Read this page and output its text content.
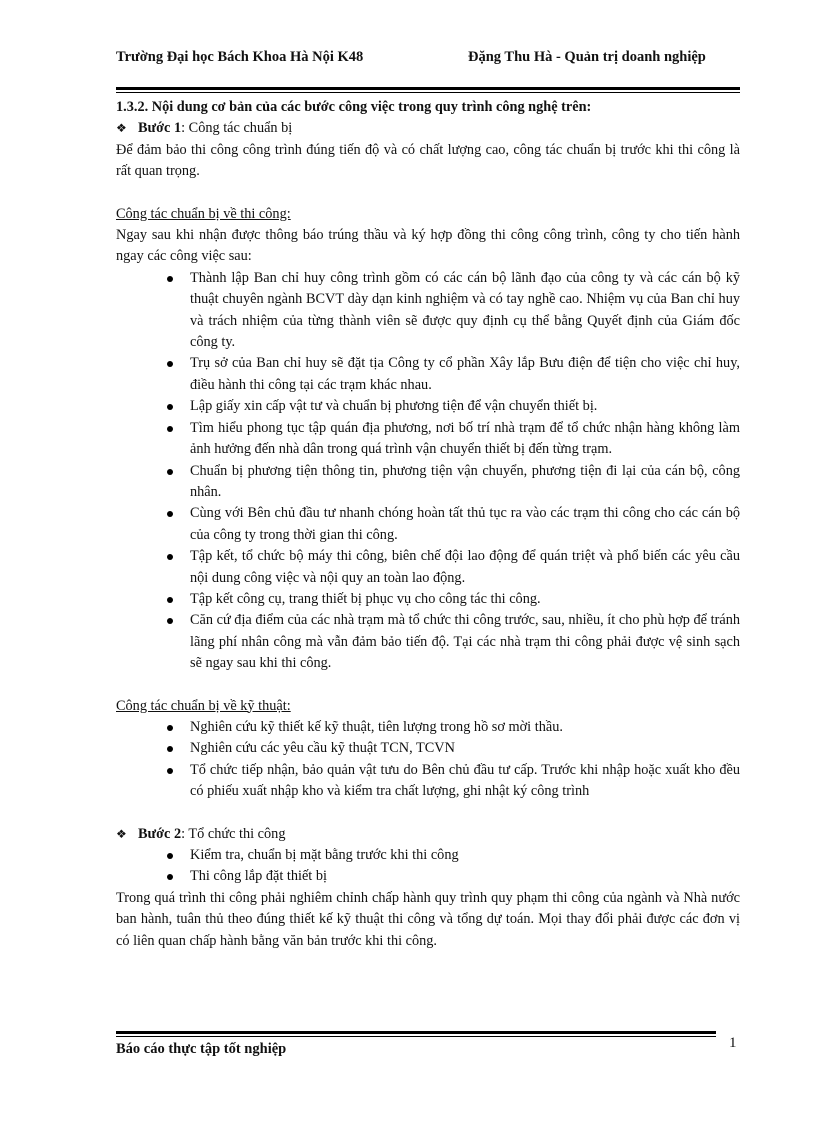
Trường Đại học Bách Khoa Hà Nội K48	Đặng Thu Hà - Quản trị doanh nghiệp

1.3.2. Nội dung cơ bản của các bước công việc trong quy trình công nghệ trên:

❖ Bước 1: Công tác chuẩn bị

Để đảm bảo thi công công trình đúng tiến độ và có chất lượng cao, công tác chuẩn bị trước khi thi công là rất quan trọng.

Công tác chuẩn bị về thi công:

Ngay sau khi nhận được thông báo trúng thầu và ký hợp đồng thi công công trình, công ty cho tiến hành ngay các công việc sau:

Thành lập Ban chỉ huy công trình gồm có các cán bộ lãnh đạo của công ty và các cán bộ kỹ thuật chuyên ngành BCVT dày dạn kinh nghiệm và có tay nghề cao. Nhiệm vụ của Ban chỉ huy và trách nhiệm của từng thành viên sẽ được quy định cụ thể bằng Quyết định của Giám đốc công ty.
Trụ sở của Ban chỉ huy sẽ đặt tịa Công ty cổ phần Xây lắp Bưu điện để tiện cho việc chỉ huy, điều hành thi công tại các trạm khác nhau.
Lập giấy xin cấp vật tư và chuẩn bị phương tiện để vận chuyển thiết bị.
Tìm hiểu phong tục tập quán địa phương, nơi bố trí nhà trạm để tổ chức nhận hàng không làm ảnh hưởng đến nhà dân trong quá trình vận chuyển thiết bị đến từng trạm.
Chuẩn bị phương tiện thông tin, phương tiện vận chuyển, phương tiện đi lại của cán bộ, công nhân.
Cùng với Bên chủ đầu tư nhanh chóng hoàn tất thủ tục ra vào các trạm thi công cho các cán bộ của công ty trong thời gian thi công.
Tập kết, tổ chức bộ máy thi công, biên chế đội lao động để quán triệt và phổ biến các yêu cầu nội dung công việc và nội quy an toàn lao động.
Tập kết công cụ, trang thiết bị phục vụ cho công tác thi công.
Căn cứ địa điểm của các nhà trạm mà tổ chức thi công trước, sau, nhiều, ít cho phù hợp để tránh lãng phí nhân công mà vẫn đảm bảo tiến độ. Tại các nhà trạm thi công phải được vệ sinh sạch sẽ ngay sau khi thi công.

Công tác chuẩn bị về kỹ thuật:

Nghiên cứu kỹ thiết kế kỹ thuật, tiên lượng trong hồ sơ mời thầu.
Nghiên cứu các yêu cầu kỹ thuật TCN, TCVN
Tổ chức tiếp nhận, bảo quản vật tưu do Bên chủ đầu tư cấp. Trước khi nhập hoặc xuất kho đều có phiếu xuất nhập kho và kiểm tra chất lượng, ghi nhật ký công trình

❖ Bước 2: Tổ chức thi công

Kiểm tra, chuẩn bị mặt bằng trước khi thi công
Thi công lắp đặt thiết bị

Trong quá trình thi công phải nghiêm chỉnh chấp hành quy trình quy phạm thi công của ngành và Nhà nước ban hành, tuân thủ theo đúng thiết kế kỹ thuật thi công và tổng dự toán. Mọi thay đổi phải được các đơn vị có liên quan chấp hành bằng văn bản trước khi thi công.

Báo cáo thực tập tốt nghiệp	1
